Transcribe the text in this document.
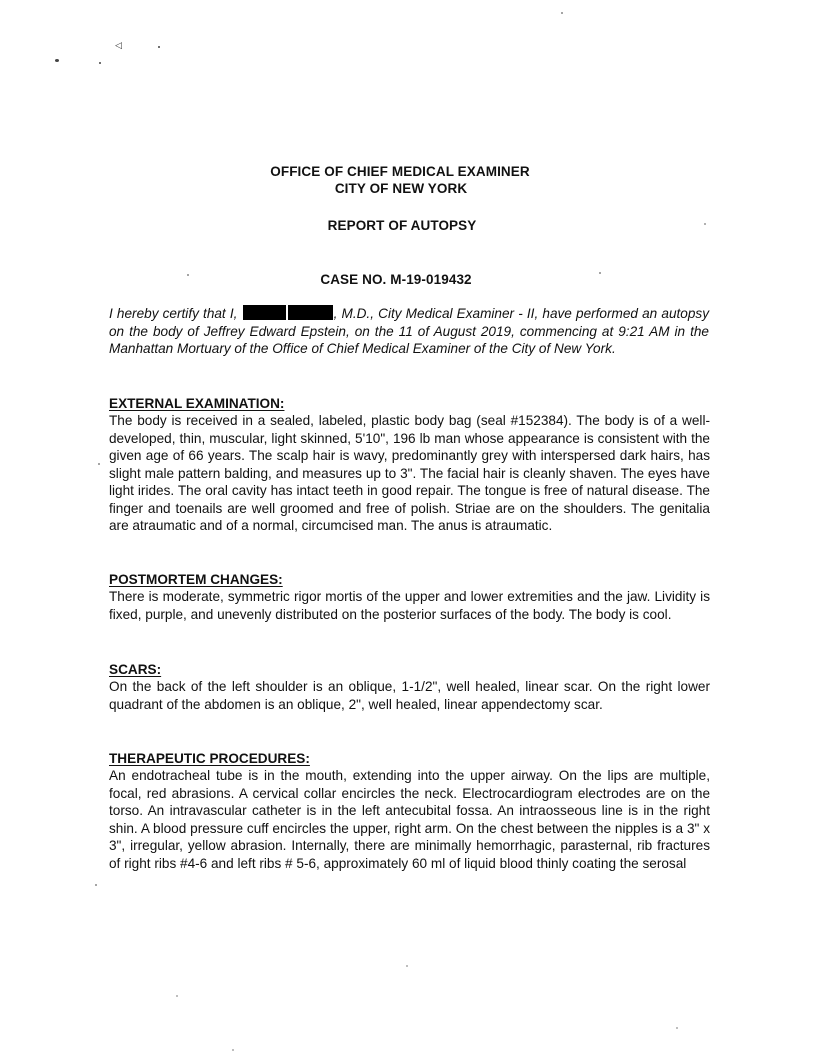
◁
OFFICE OF CHIEF MEDICAL EXAMINER
CITY OF NEW YORK
REPORT OF AUTOPSY
CASE NO. M-19-019432
I hereby certify that I,	, M.D., City Medical Examiner - II, have performed an autopsy on the body of Jeffrey Edward Epstein, on the 11 of August 2019, commencing at 9:21 AM in the Manhattan Mortuary of the Office of Chief Medical Examiner of the City of New York.
EXTERNAL EXAMINATION:
The body is received in a sealed, labeled, plastic body bag (seal #152384). The body is of a well-developed, thin, muscular, light skinned, 5'10", 196 lb man whose appearance is consistent with the given age of 66 years. The scalp hair is wavy, predominantly grey with interspersed dark hairs, has slight male pattern balding, and measures up to 3". The facial hair is cleanly shaven. The eyes have light irides. The oral cavity has intact teeth in good repair. The tongue is free of natural disease. The finger and toenails are well groomed and free of polish. Striae are on the shoulders. The genitalia are atraumatic and of a normal, circumcised man. The anus is atraumatic.
POSTMORTEM CHANGES:
There is moderate, symmetric rigor mortis of the upper and lower extremities and the jaw. Lividity is fixed, purple, and unevenly distributed on the posterior surfaces of the body. The body is cool.
SCARS:
On the back of the left shoulder is an oblique, 1-1/2", well healed, linear scar. On the right lower quadrant of the abdomen is an oblique, 2", well healed, linear appendectomy scar.
THERAPEUTIC PROCEDURES:
An endotracheal tube is in the mouth, extending into the upper airway. On the lips are multiple, focal, red abrasions. A cervical collar encircles the neck. Electrocardiogram electrodes are on the torso. An intravascular catheter is in the left antecubital fossa. An intraosseous line is in the right shin. A blood pressure cuff encircles the upper, right arm. On the chest between the nipples is a 3" x 3", irregular, yellow abrasion. Internally, there are minimally hemorrhagic, parasternal, rib fractures of right ribs #4-6 and left ribs # 5-6, approximately 60 ml of liquid blood thinly coating the serosal
